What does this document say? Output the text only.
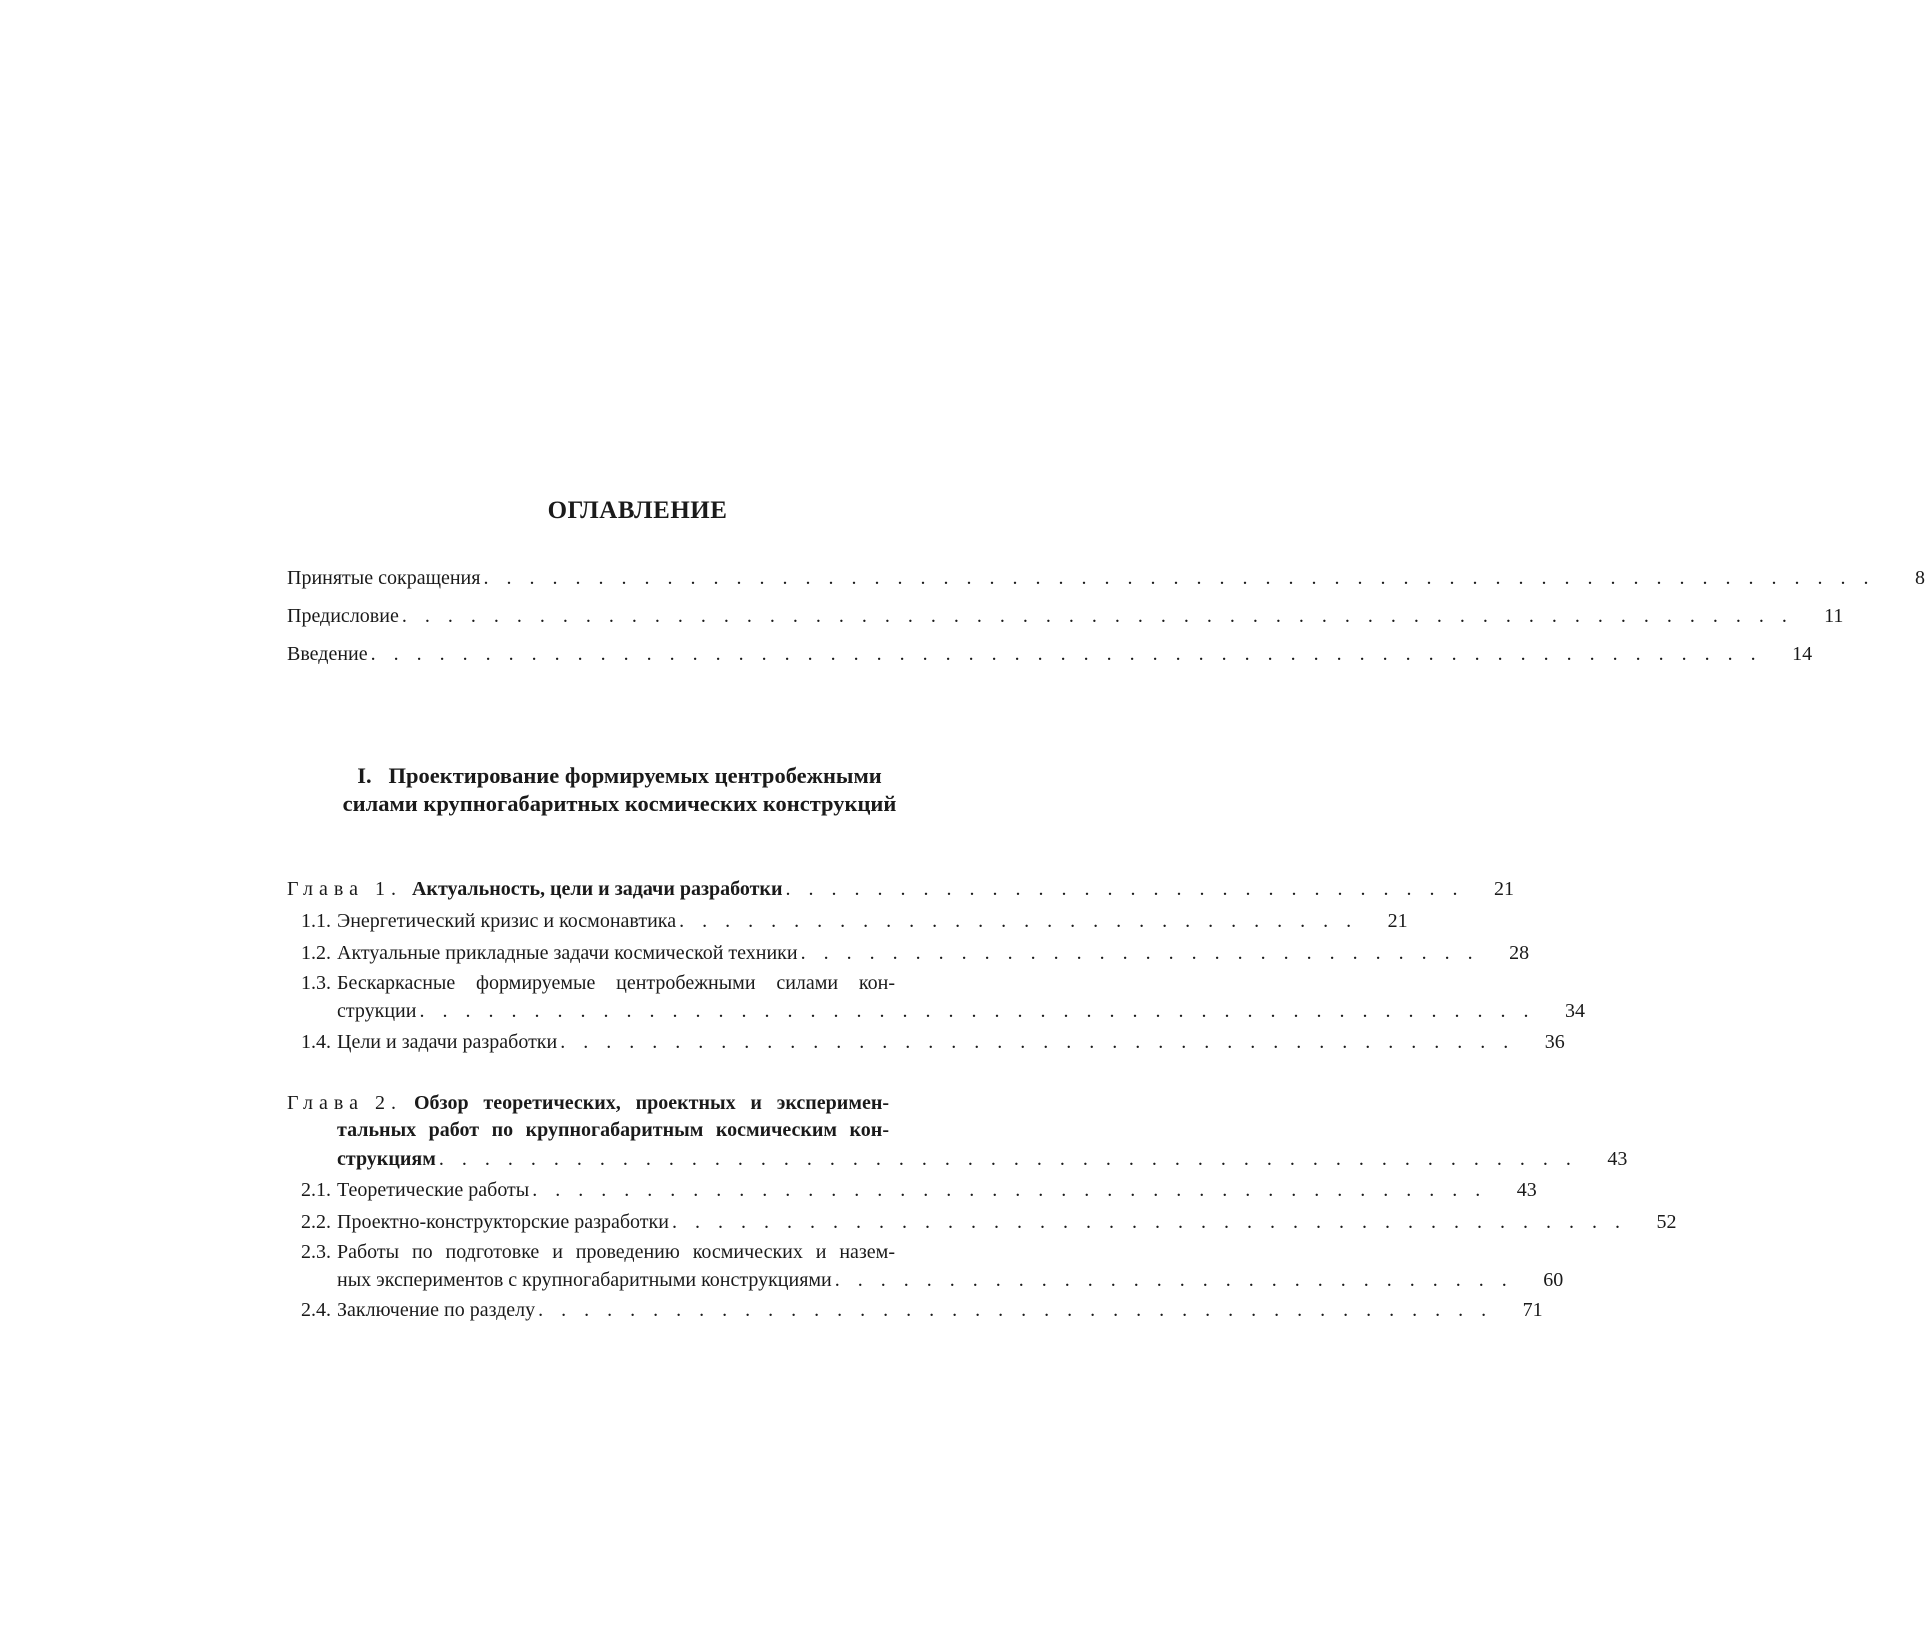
ОГЛАВЛЕНИЕ
Принятые сокращения . . . . . . . . . . . . . . . . . . . . . . . . . . . . . . . . . . . . . . . . . . . . . . . . . . . . . . . . . . . . .	8
Предисловие . . . . . . . . . . . . . . . . . . . . . . . . . . . . . . . . . . . . . . . . . . . . . . . . . . . . . . . . . . . . .	11
Введение . . . . . . . . . . . . . . . . . . . . . . . . . . . . . . . . . . . . . . . . . . . . . . . . . . . . . . . . . . . . .	14
I. Проектирование формируемых центробежными
силами крупногабаритных космических конструкций
Глава 1. Актуальность, цели и задачи разработки . . . . . . . . . . . . . . . . . . . . . . . . . . . . . .	21
1.1. Энергетический кризис и космонавтика . . . . . . . . . . . . . . . . . . . . . . . . . . . . . .	21
1.2. Актуальные прикладные задачи космической техники . . . . . . . . . . . . . . . . . . . . . . . . . . . . . .	28
1.3. Бескаркасные формируемые центробежными силами кон-
струкции . . . . . . . . . . . . . . . . . . . . . . . . . . . . . . . . . . . . . . . . . . . . . . . . .	34
1.4. Цели и задачи разработки . . . . . . . . . . . . . . . . . . . . . . . . . . . . . . . . . . . . . . . . . .	36
Глава 2. Обзор теоретических, проектных и эксперимен-
тальных работ по крупногабаритным космическим кон-
струкциям . . . . . . . . . . . . . . . . . . . . . . . . . . . . . . . . . . . . . . . . . . . . . . . . . .	43
2.1. Теоретические работы . . . . . . . . . . . . . . . . . . . . . . . . . . . . . . . . . . . . . . . . . .	43
2.2. Проектно-конструкторские разработки . . . . . . . . . . . . . . . . . . . . . . . . . . . . . . . . . . . . . . . . . .	52
2.3. Работы по подготовке и проведению космических и назем-
ных экспериментов с крупногабаритными конструкциями . . . . . . . . . . . . . . . . . . . . . . . . . . . . . .	60
2.4. Заключение по разделу . . . . . . . . . . . . . . . . . . . . . . . . . . . . . . . . . . . . . . . . . .	71
